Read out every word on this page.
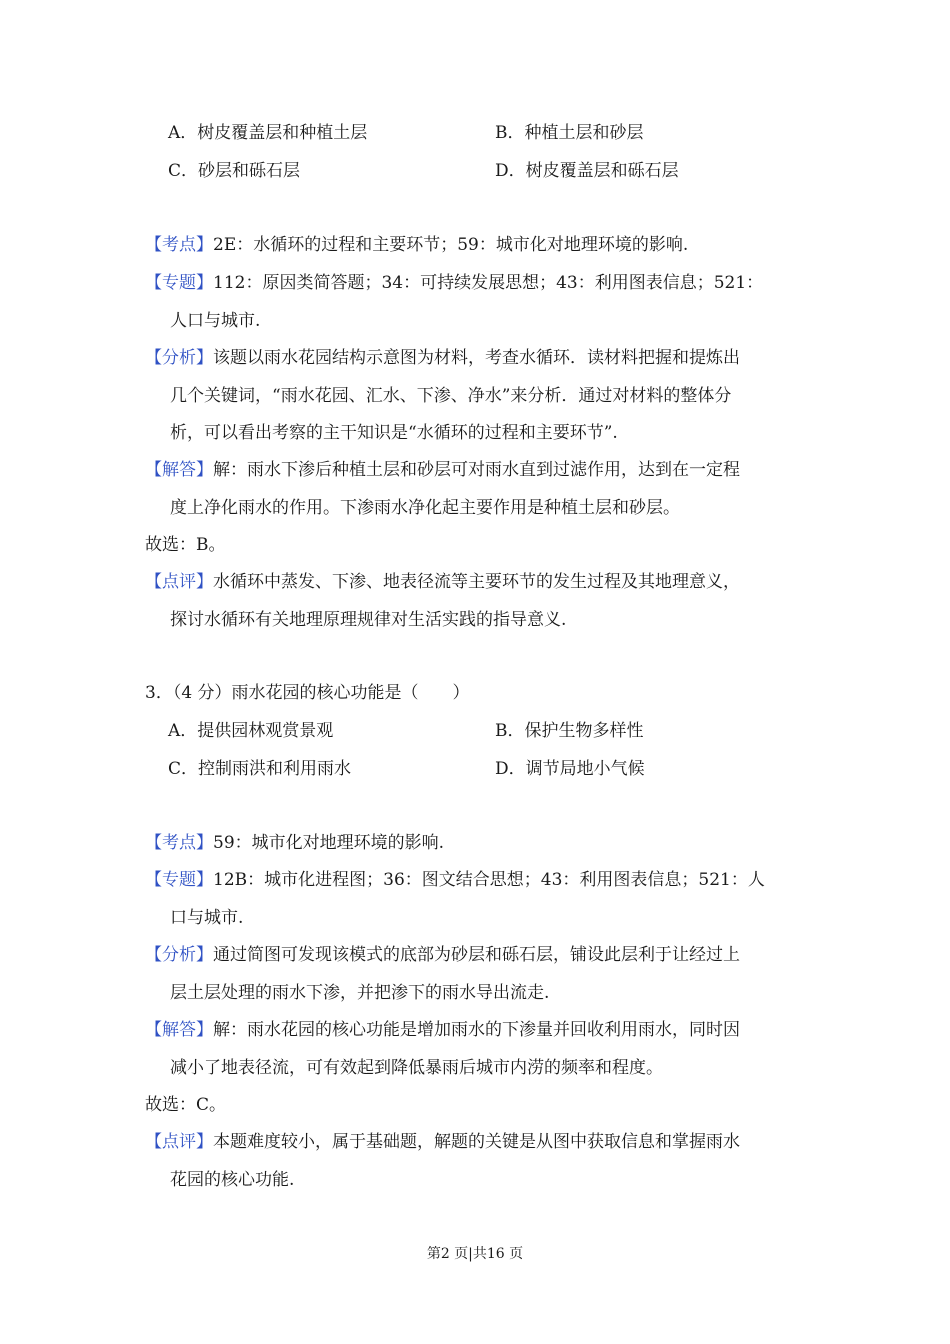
A．树皮覆盖层和种植土层	B．种植土层和砂层
C．砂层和砾石层	D．树皮覆盖层和砾石层
【考点】2E：水循环的过程和主要环节；59：城市化对地理环境的影响.
【专题】112：原因类简答题；34：可持续发展思想；43：利用图表信息；521：
人口与城市.
【分析】该题以雨水花园结构示意图为材料，考查水循环．读材料把握和提炼出
几个关键词，“雨水花园、汇水、下渗、净水”来分析．通过对材料的整体分
析，可以看出考察的主干知识是“水循环的过程和主要环节”.
【解答】解：雨水下渗后种植土层和砂层可对雨水直到过滤作用，达到在一定程
度上净化雨水的作用。下渗雨水净化起主要作用是种植土层和砂层。
故选：B。
【点评】水循环中蒸发、下渗、地表径流等主要环节的发生过程及其地理意义，
探讨水循环有关地理原理规律对生活实践的指导意义.
3．（4 分）雨水花园的核心功能是（　　）
A．提供园林观赏景观	B．保护生物多样性
C．控制雨洪和利用雨水	D．调节局地小气候
【考点】59：城市化对地理环境的影响.
【专题】12B：城市化进程图；36：图文结合思想；43：利用图表信息；521：人
口与城市.
【分析】通过简图可发现该模式的底部为砂层和砾石层，铺设此层利于让经过上
层土层处理的雨水下渗，并把渗下的雨水导出流走.
【解答】解：雨水花园的核心功能是增加雨水的下渗量并回收利用雨水，同时因
减小了地表径流，可有效起到降低暴雨后城市内涝的频率和程度。
故选：C。
【点评】本题难度较小，属于基础题，解题的关键是从图中获取信息和掌握雨水
花园的核心功能.
第2 页|共16 页
